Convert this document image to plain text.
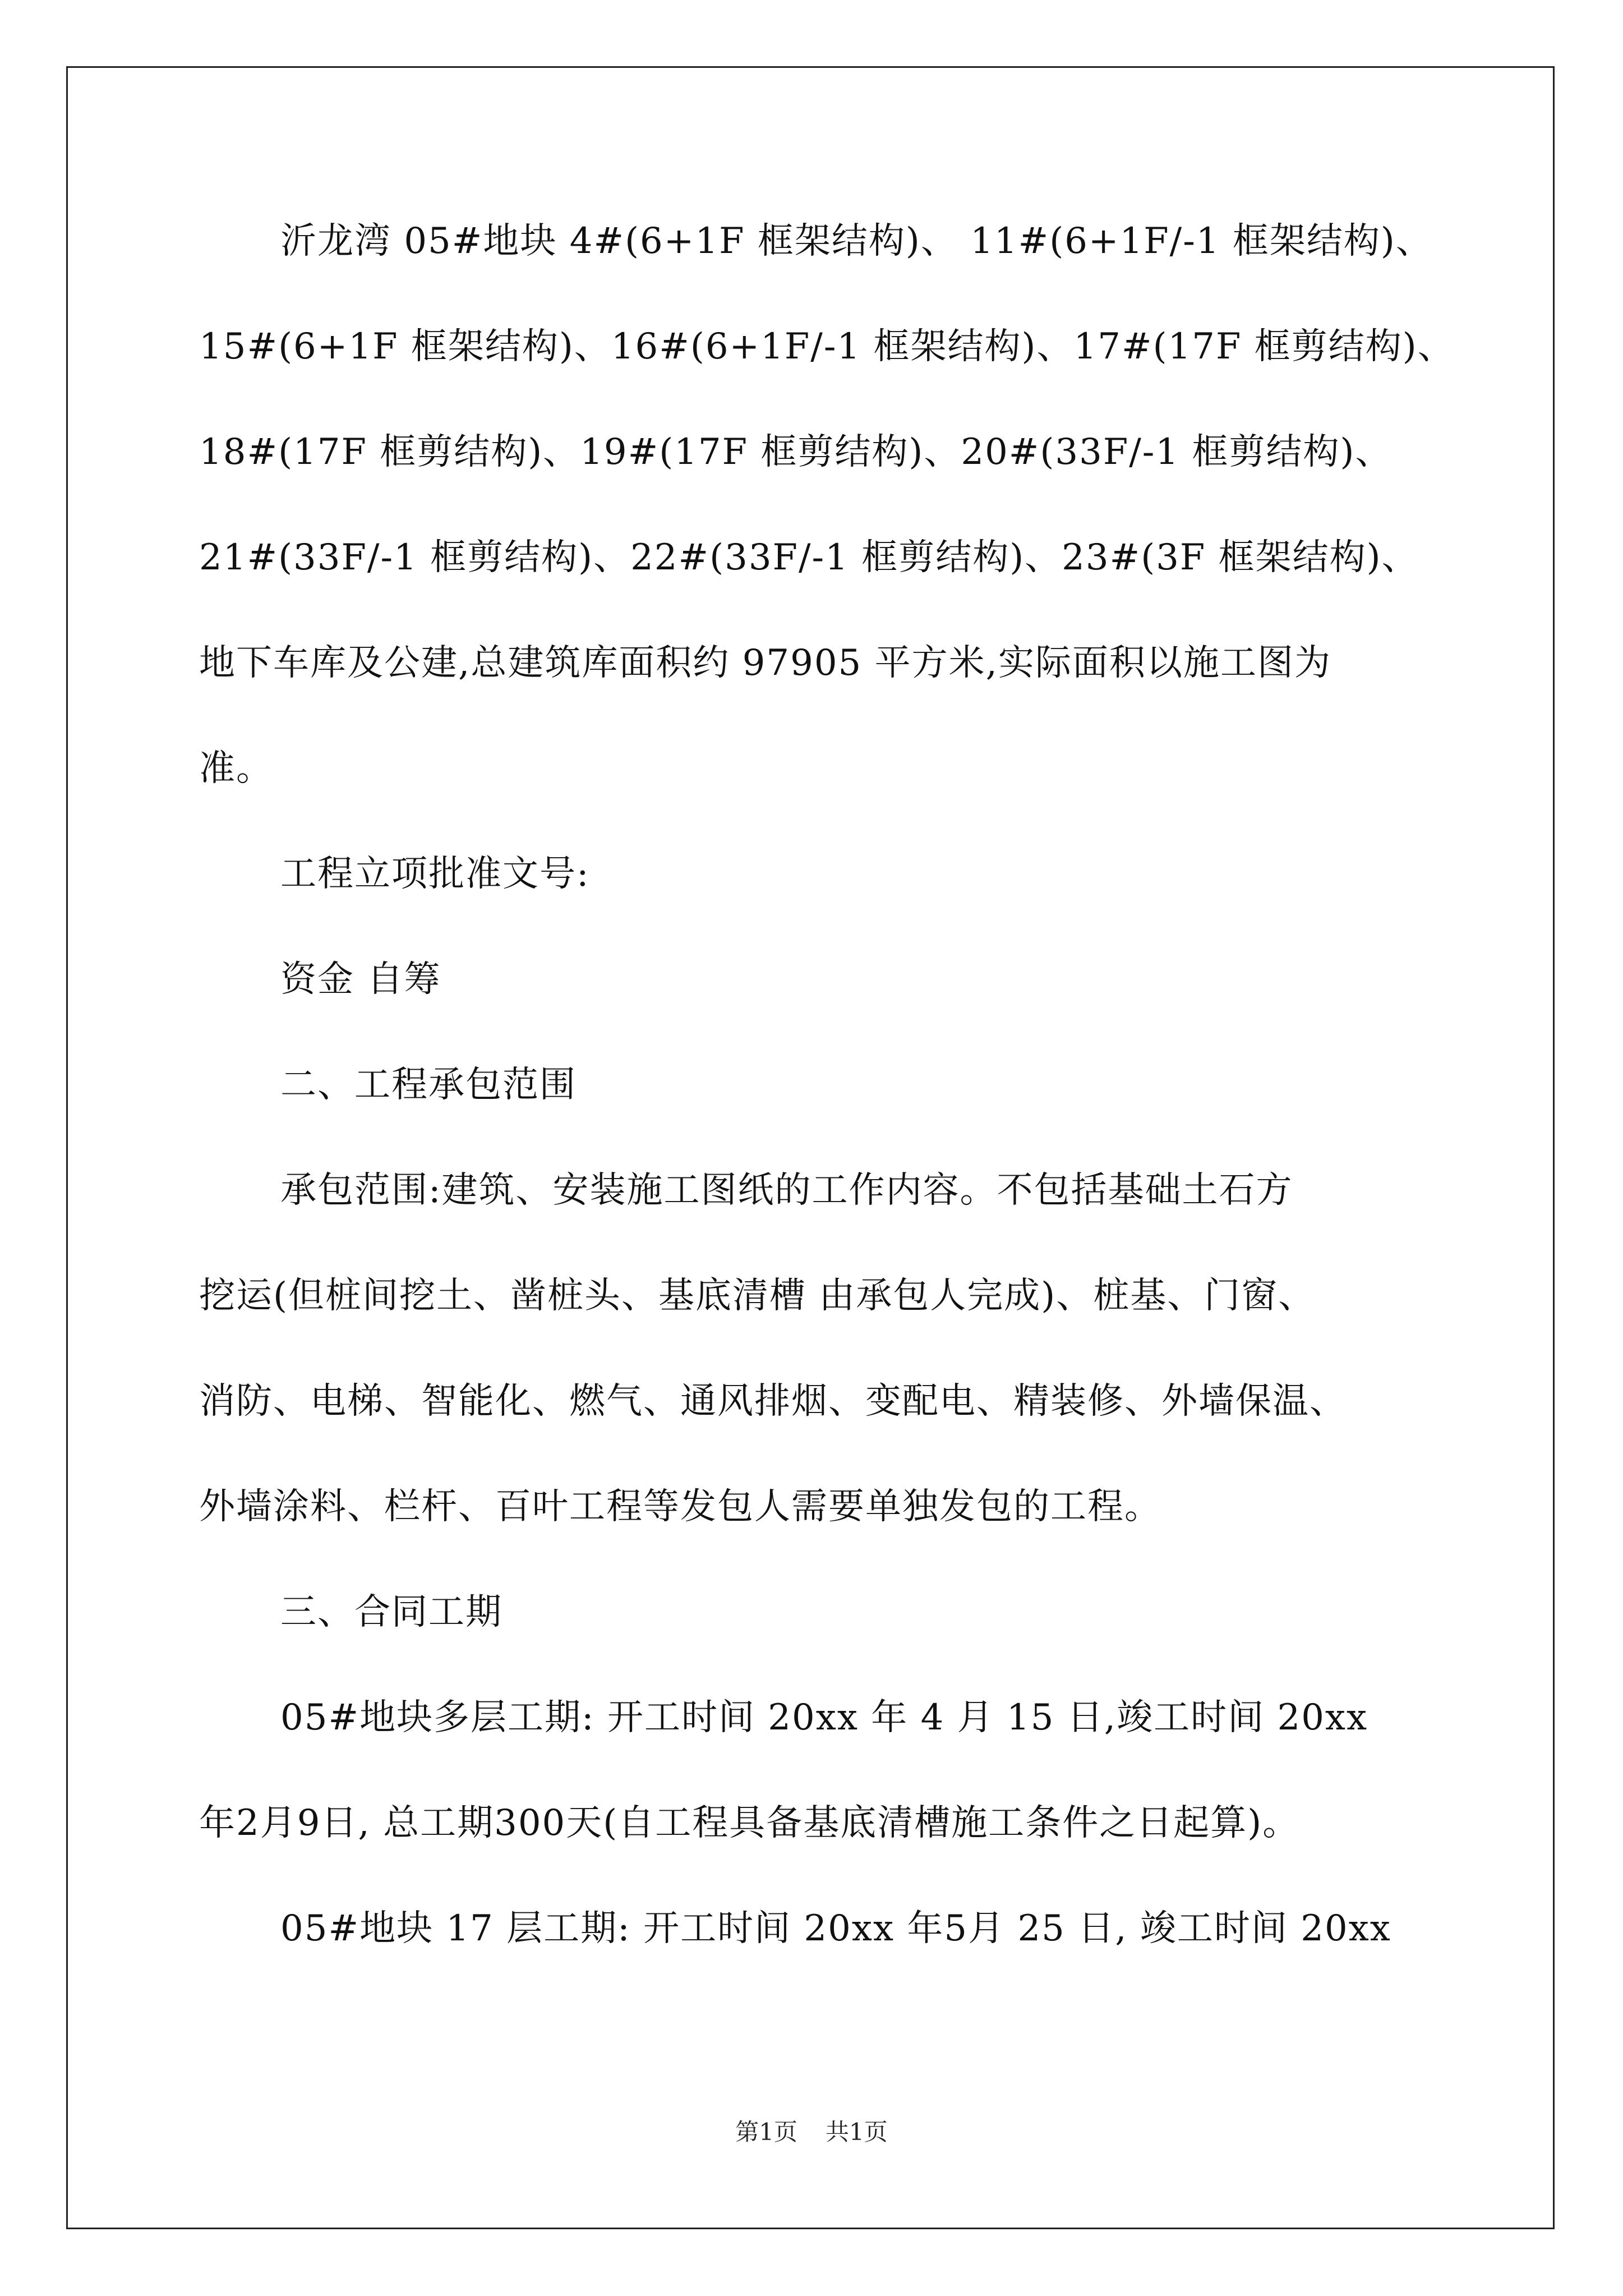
沂龙湾 05#地块 4#(6+1F 框架结构)、 11#(6+1F/-1 框架结构)、
15#(6+1F 框架结构)、16#(6+1F/-1 框架结构)、17#(17F 框剪结构)、
18#(17F 框剪结构)、19#(17F 框剪结构)、20#(33F/-1 框剪结构)、
21#(33F/-1 框剪结构)、22#(33F/-1 框剪结构)、23#(3F 框架结构)、
地下车库及公建,总建筑库面积约 97905 平方米,实际面积以施工图为
准。
工程立项批准文号:
资金 自筹
二、工程承包范围
承包范围:建筑、安装施工图纸的工作内容。不包括基础土石方
挖运(但桩间挖土、凿桩头、基底清槽 由承包人完成)、桩基、门窗、
消防、电梯、智能化、燃气、通风排烟、变配电、精装修、外墙保温、
外墙涂料、栏杆、百叶工程等发包人需要单独发包的工程。
三、合同工期
05#地块多层工期: 开工时间 20xx 年 4 月 15 日,竣工时间 20xx
年2月9日, 总工期300天(自工程具备基底清槽施工条件之日起算)。
05#地块 17 层工期: 开工时间 20xx 年5月 25 日, 竣工时间 20xx
第1页 共1页
